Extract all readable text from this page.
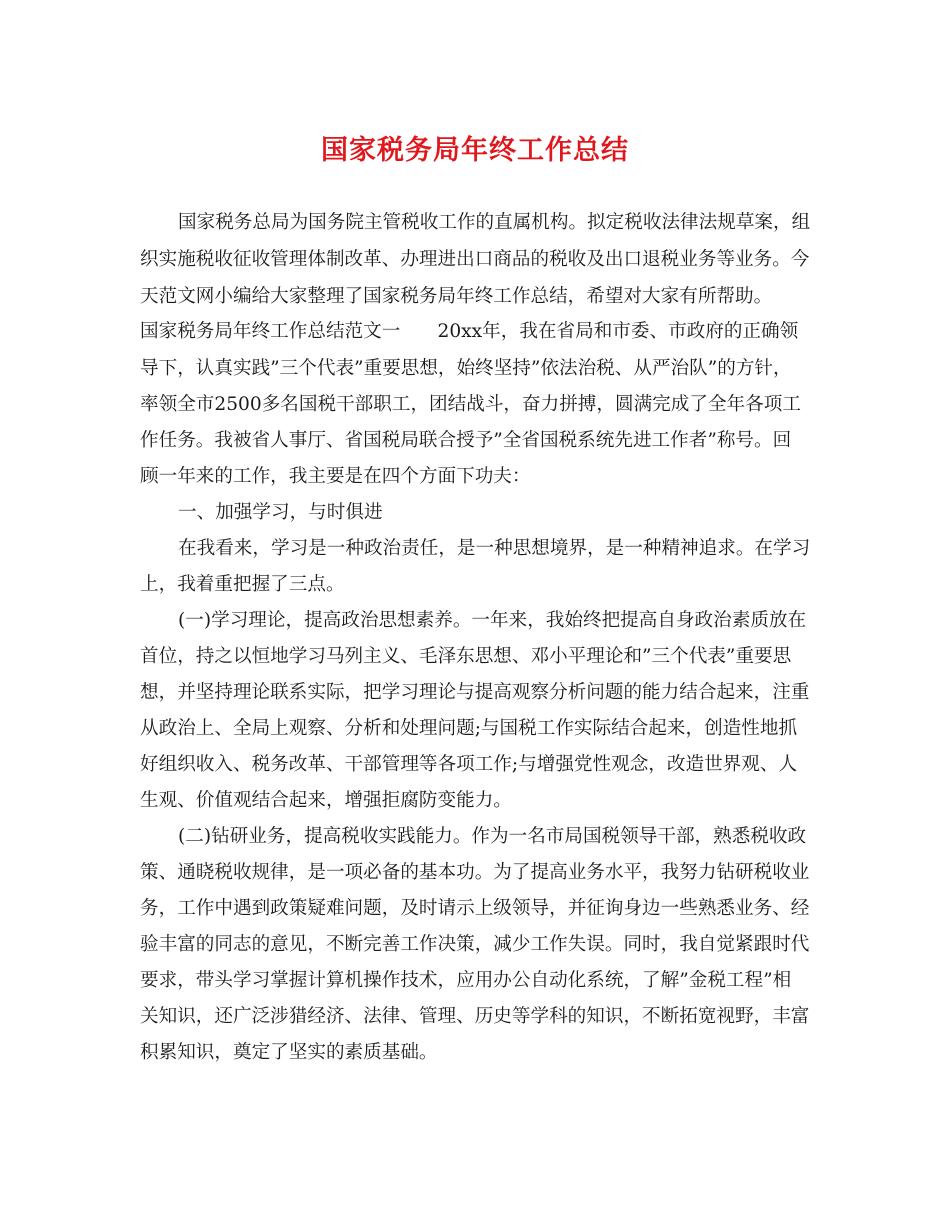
国家税务局年终工作总结
国家税务总局为国务院主管税收工作的直属机构。拟定税收法律法规草案，组
织实施税收征收管理体制改革、办理进出口商品的税收及出口退税业务等业务。今
天范文网小编给大家整理了国家税务局年终工作总结，希望对大家有所帮助。
国家税务局年终工作总结范文一　　20xx年，我在省局和市委、市政府的正确领
导下，认真实践”三个代表”重要思想，始终坚持”依法治税、从严治队”的方针，
率领全市2500多名国税干部职工，团结战斗，奋力拼搏，圆满完成了全年各项工
作任务。我被省人事厅、省国税局联合授予”全省国税系统先进工作者”称号。回
顾一年来的工作，我主要是在四个方面下功夫：
一、加强学习，与时俱进
在我看来，学习是一种政治责任，是一种思想境界，是一种精神追求。在学习
上，我着重把握了三点。
(一)学习理论，提高政治思想素养。一年来，我始终把提高自身政治素质放在
首位，持之以恒地学习马列主义、毛泽东思想、邓小平理论和”三个代表”重要思
想，并坚持理论联系实际，把学习理论与提高观察分析问题的能力结合起来，注重
从政治上、全局上观察、分析和处理问题;与国税工作实际结合起来，创造性地抓
好组织收入、税务改革、干部管理等各项工作;与增强党性观念，改造世界观、人
生观、价值观结合起来，增强拒腐防变能力。
(二)钻研业务，提高税收实践能力。作为一名市局国税领导干部，熟悉税收政
策、通晓税收规律，是一项必备的基本功。为了提高业务水平，我努力钻研税收业
务，工作中遇到政策疑难问题，及时请示上级领导，并征询身边一些熟悉业务、经
验丰富的同志的意见，不断完善工作决策，减少工作失误。同时，我自觉紧跟时代
要求，带头学习掌握计算机操作技术，应用办公自动化系统，了解”金税工程”相
关知识，还广泛涉猎经济、法律、管理、历史等学科的知识，不断拓宽视野，丰富
积累知识，奠定了坚实的素质基础。
